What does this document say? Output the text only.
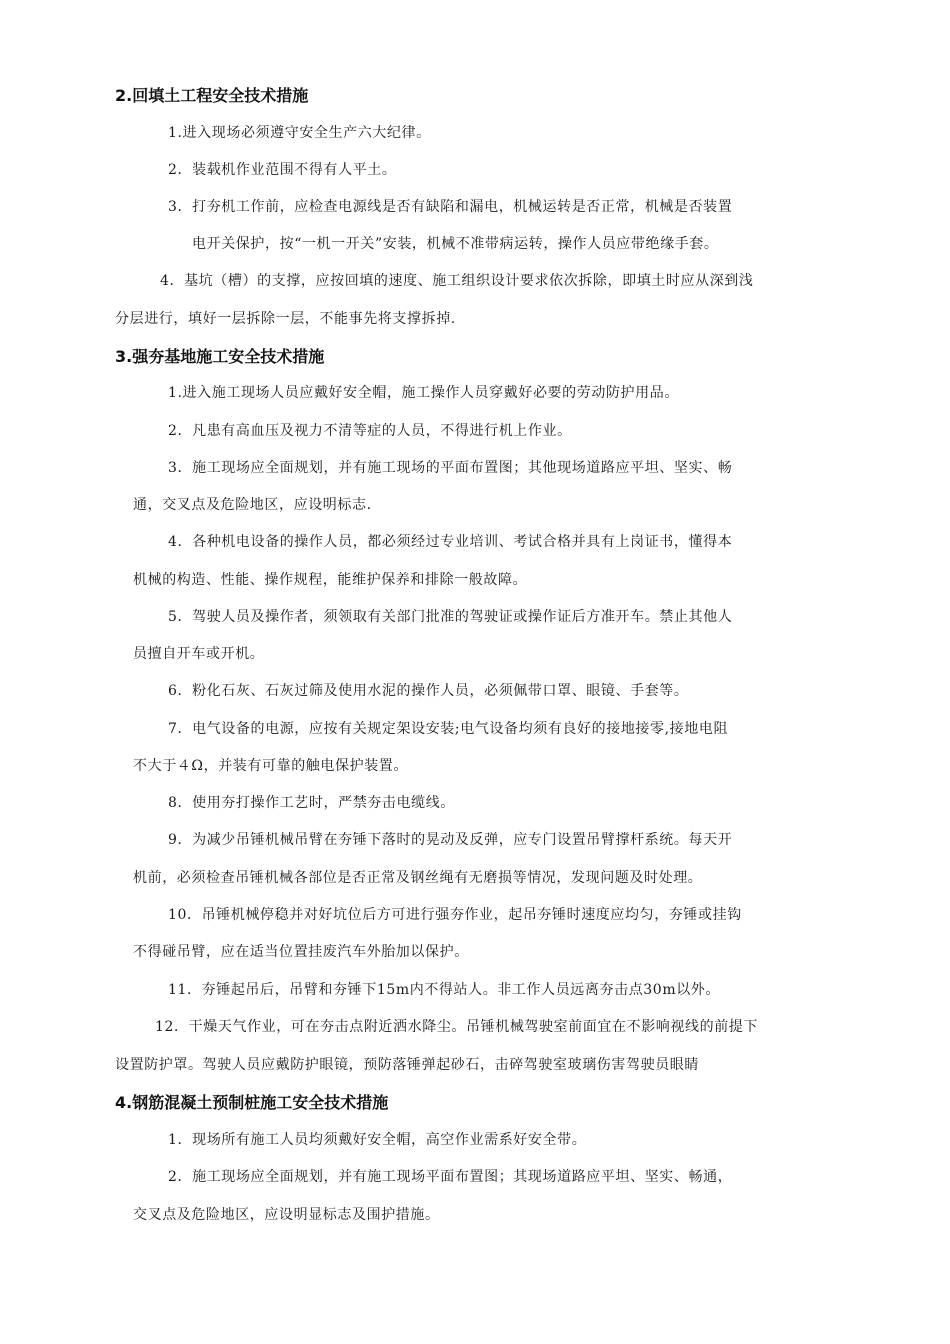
2.回填土工程安全技术措施
1.进入现场必须遵守安全生产六大纪律。
2．装载机作业范围不得有人平土。
3．打夯机工作前，应检查电源线是否有缺陷和漏电，机械运转是否正常，机械是否装置
电开关保护，按“一机一开关”安装，机械不准带病运转，操作人员应带绝缘手套。
4．基坑（槽）的支撑，应按回填的速度、施工组织设计要求依次拆除，即填土时应从深到浅
分层进行，填好一层拆除一层，不能事先将支撑拆掉.
3.强夯基地施工安全技术措施
1.进入施工现场人员应戴好安全帽，施工操作人员穿戴好必要的劳动防护用品。
2．凡患有高血压及视力不清等症的人员，不得进行机上作业。
3．施工现场应全面规划，并有施工现场的平面布置图；其他现场道路应平坦、坚实、畅
通，交叉点及危险地区，应设明标志.
4．各种机电设备的操作人员，都必须经过专业培训、考试合格并具有上岗证书，懂得本
机械的构造、性能、操作规程，能维护保养和排除一般故障。
5．驾驶人员及操作者，须领取有关部门批准的驾驶证或操作证后方准开车。禁止其他人
员擅自开车或开机。
6．粉化石灰、石灰过筛及使用水泥的操作人员，必须佩带口罩、眼镜、手套等。
7．电气设备的电源，应按有关规定架设安装;电气设备均须有良好的接地接零,接地电阻
不大于４Ω，并装有可靠的触电保护装置。
8．使用夯打操作工艺时，严禁夯击电缆线。
9．为减少吊锤机械吊臂在夯锤下落时的晃动及反弹，应专门设置吊臂撑杆系统。每天开
机前，必须检查吊锤机械各部位是否正常及钢丝绳有无磨损等情况，发现问题及时处理。
10．吊锤机械停稳并对好坑位后方可进行强夯作业，起吊夯锤时速度应均匀，夯锤或挂钩
不得碰吊臂，应在适当位置挂废汽车外胎加以保护。
11．夯锤起吊后，吊臂和夯锤下15m内不得站人。非工作人员远离夯击点30m以外。
12．干燥天气作业，可在夯击点附近洒水降尘。吊锤机械驾驶室前面宜在不影响视线的前提下
设置防护罩。驾驶人员应戴防护眼镜，预防落锤弹起砂石，击碎驾驶室玻璃伤害驾驶员眼睛
4.钢筋混凝土预制桩施工安全技术措施
1．现场所有施工人员均须戴好安全帽，高空作业需系好安全带。
2．施工现场应全面规划，并有施工现场平面布置图；其现场道路应平坦、坚实、畅通，
交叉点及危险地区，应设明显标志及围护措施。
